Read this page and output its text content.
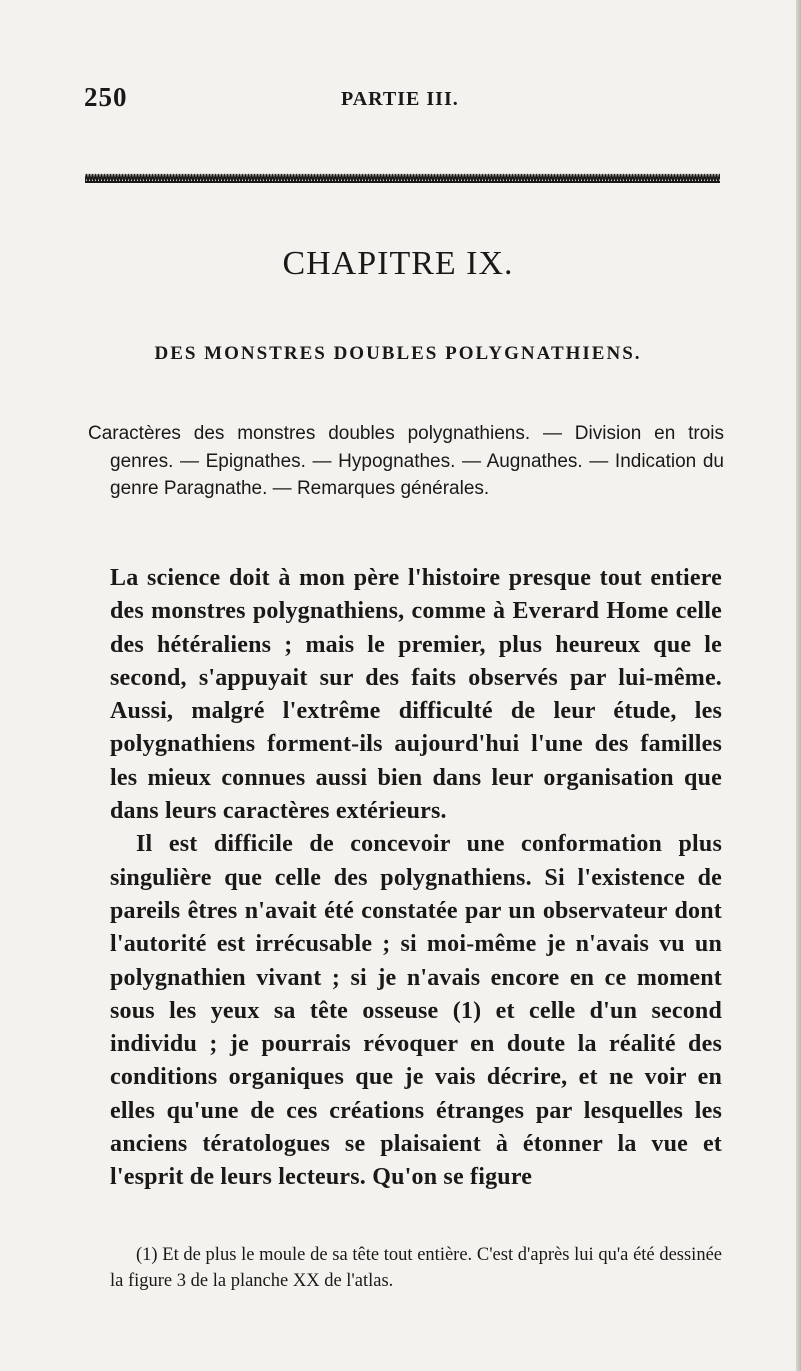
250	PARTIE III.
CHAPITRE IX.
DES MONSTRES DOUBLES POLYGNATHIENS.
Caractères des monstres doubles polygnathiens. — Division en trois genres. — Epignathes. — Hypognathes. — Augnathes. — Indication du genre Paragnathe. — Remarques générales.

La science doit à mon père l'histoire presque tout entiere des monstres polygnathiens, comme à Everard Home celle des hétéraliens ; mais le premier, plus heureux que le second, s'appuyait sur des faits observés par lui-même. Aussi, malgré l'extrême difficulté de leur étude, les polygnathiens forment-ils aujourd'hui l'une des familles les mieux connues aussi bien dans leur organisation que dans leurs caractères extérieurs.

Il est difficile de concevoir une conformation plus singulière que celle des polygnathiens. Si l'existence de pareils êtres n'avait été constatée par un observateur dont l'autorité est irrécusable ; si moi-même je n'avais vu un polygnathien vivant ; si je n'avais encore en ce moment sous les yeux sa tête osseuse (1) et celle d'un second individu ; je pourrais révoquer en doute la réalité des conditions organiques que je vais décrire, et ne voir en elles qu'une de ces créations étranges par lesquelles les anciens tératologues se plaisaient à étonner la vue et l'esprit de leurs lecteurs. Qu'on se figure

(1) Et de plus le moule de sa tête tout entière. C'est d'après lui qu'a été dessinée la figure 3 de la planche XX de l'atlas.
